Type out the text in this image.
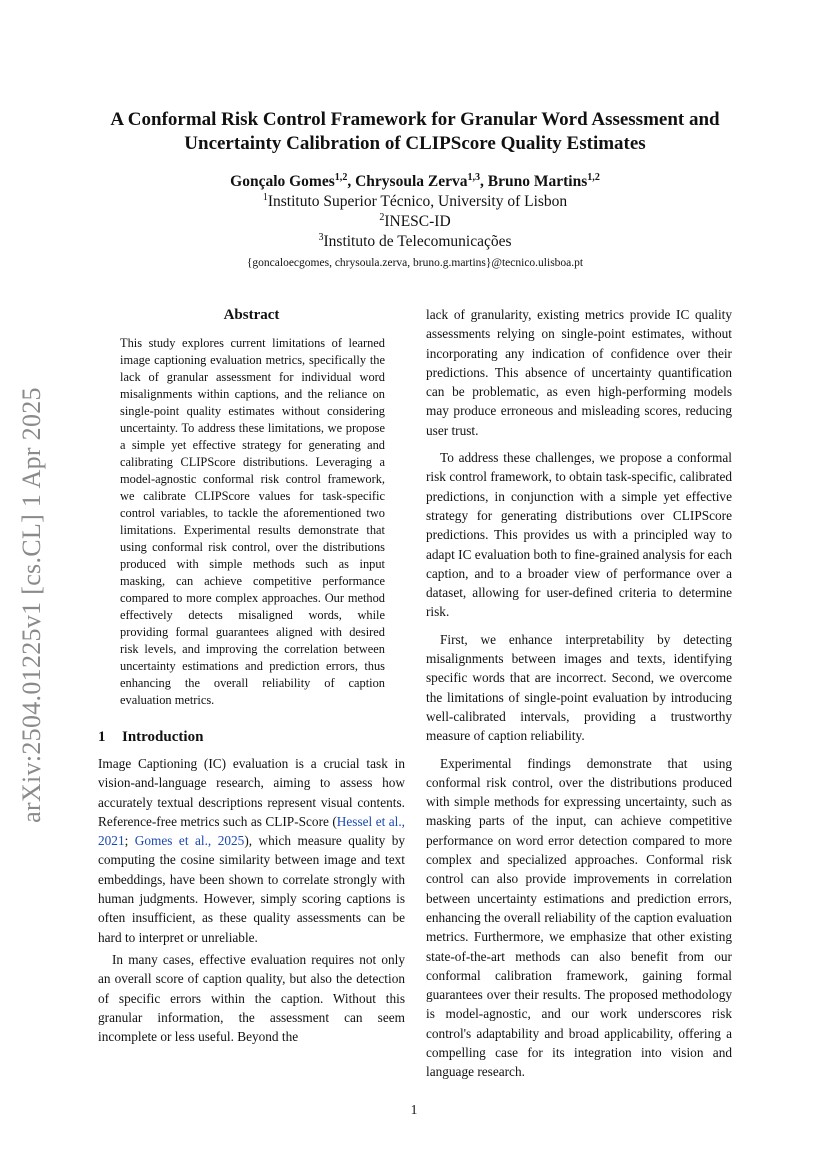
arXiv:2504.01225v1 [cs.CL] 1 Apr 2025
A Conformal Risk Control Framework for Granular Word Assessment and
Uncertainty Calibration of CLIPScore Quality Estimates
Gonçalo Gomes$^{1,2}$, Chrysoula Zerva$^{1,3}$, Bruno Martins$^{1,2}$
$^1$Instituto Superior Técnico, University of Lisbon
$^2$INESC-ID
$^3$Instituto de Telecomunicações
{goncaloecgomes, chrysoula.zerva, bruno.g.martins}@tecnico.ulisboa.pt
Abstract
This study explores current limitations of learned image captioning evaluation metrics, specifically the lack of granular assessment for individual word misalignments within captions, and the reliance on single-point quality estimates without considering uncertainty. To address these limitations, we propose a simple yet effective strategy for generating and calibrating CLIPScore distributions. Leveraging a model-agnostic conformal risk control framework, we calibrate CLIPScore values for task-specific control variables, to tackle the aforementioned two limitations. Experimental results demonstrate that using conformal risk control, over the distributions produced with simple methods such as input masking, can achieve competitive performance compared to more complex approaches. Our method effectively detects misaligned words, while providing formal guarantees aligned with desired risk levels, and improving the correlation between uncertainty estimations and prediction errors, thus enhancing the overall reliability of caption evaluation metrics.
1 Introduction

Image Captioning (IC) evaluation is a crucial task in vision-and-language research, aiming to assess how accurately textual descriptions represent visual contents. Reference-free metrics such as CLIP-Score (Hessel et al., 2021; Gomes et al., 2025), which measure quality by computing the cosine similarity between image and text embeddings, have been shown to correlate strongly with human judgments. However, simply scoring captions is often insufficient, as these quality assessments can be hard to interpret or unreliable.

In many cases, effective evaluation requires not only an overall score of caption quality, but also the detection of specific errors within the caption. Without this granular information, the assessment can seem incomplete or less useful. Beyond the

lack of granularity, existing metrics provide IC quality assessments relying on single-point estimates, without incorporating any indication of confidence over their predictions. This absence of uncertainty quantification can be problematic, as even high-performing models may produce erroneous and misleading scores, reducing user trust.

To address these challenges, we propose a conformal risk control framework, to obtain task-specific, calibrated predictions, in conjunction with a simple yet effective strategy for generating distributions over CLIPScore predictions. This provides us with a principled way to adapt IC evaluation both to fine-grained analysis for each caption, and to a broader view of performance over a dataset, allowing for user-defined criteria to determine risk.

First, we enhance interpretability by detecting misalignments between images and texts, identifying specific words that are incorrect. Second, we overcome the limitations of single-point evaluation by introducing well-calibrated intervals, providing a trustworthy measure of caption reliability.

Experimental findings demonstrate that using conformal risk control, over the distributions produced with simple methods for expressing uncertainty, such as masking parts of the input, can achieve competitive performance on word error detection compared to more complex and specialized approaches. Conformal risk control can also provide improvements in correlation between uncertainty estimations and prediction errors, enhancing the overall reliability of the caption evaluation metrics. Furthermore, we emphasize that other existing state-of-the-art methods can also benefit from our conformal calibration framework, gaining formal guarantees over their results. The proposed methodology is model-agnostic, and our work underscores risk control's adaptability and broad applicability, offering a compelling case for its integration into vision and language research.

1
